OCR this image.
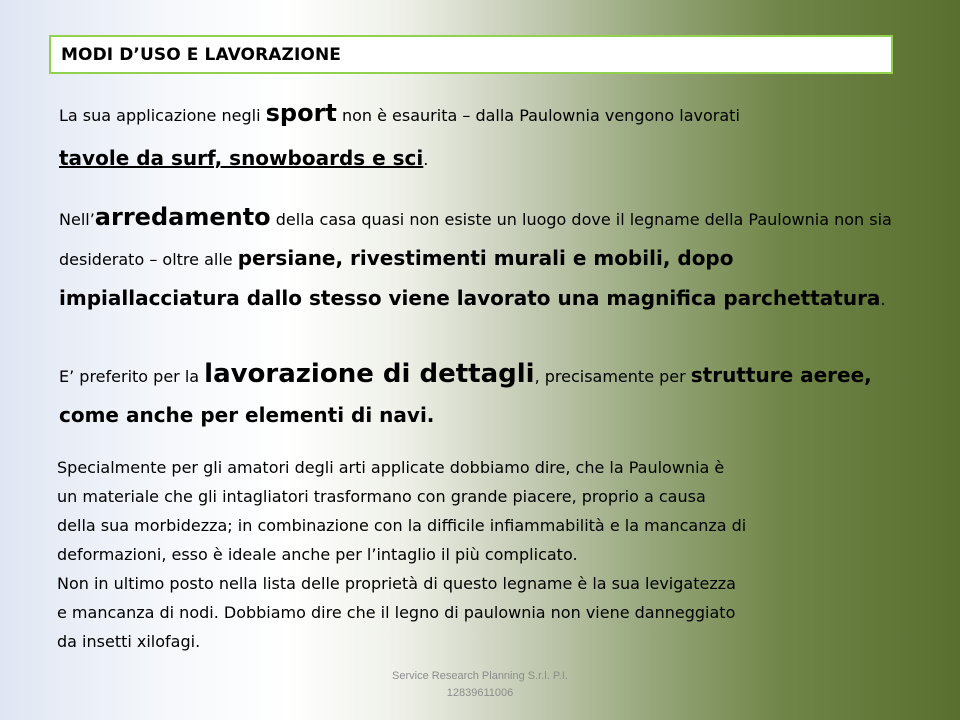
MODI D’USO E LAVORAZIONE

La sua applicazione negli sport non è esaurita – dalla Paulownia vengono lavorati
tavole da surf, snowboards e sci.

Nell’arredamento della casa quasi non esiste un luogo dove il legname della Paulownia non sia desiderato – oltre alle persiane, rivestimenti murali e mobili, dopo impiallacciatura dallo stesso viene lavorato una magnifica parchettatura.

E’ preferito per la lavorazione di dettagli, precisamente per strutture aeree, come anche per elementi di navi.

Specialmente per gli amatori degli arti applicate dobbiamo dire, che la Paulownia è
un materiale che gli intagliatori trasformano con grande piacere, proprio a causa
della sua morbidezza; in combinazione con la difficile infiammabilità e la mancanza di
deformazioni, esso è ideale anche per l’intaglio il più complicato.
Non in ultimo posto nella lista delle proprietà di questo legname è la sua levigatezza
e mancanza di nodi. Dobbiamo dire che il legno di paulownia non viene danneggiato
da insetti xilofagi.
Service Research Planning S.r.l. P.I.
12839611006
